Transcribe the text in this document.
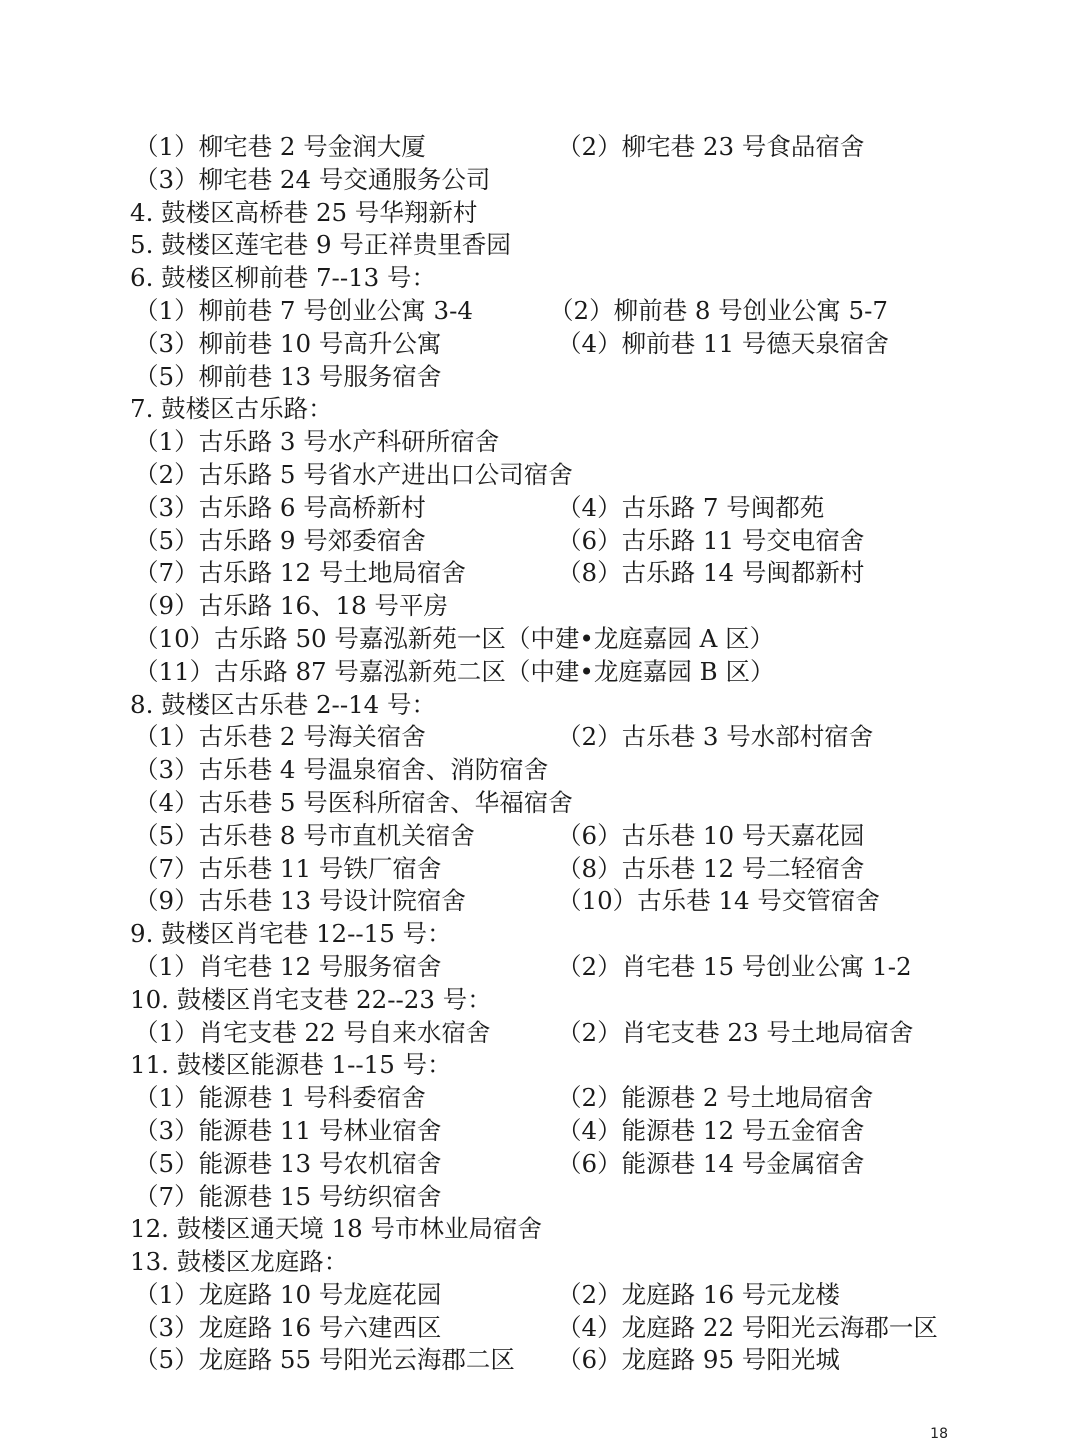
（1）柳宅巷 2 号金润大厦	（2）柳宅巷 23 号食品宿舍
（3）柳宅巷 24 号交通服务公司
4. 鼓楼区高桥巷 25 号华翔新村
5. 鼓楼区莲宅巷 9 号正祥贵里香园
6. 鼓楼区柳前巷 7--13 号：
（1）柳前巷 7 号创业公寓 3-4	（2）柳前巷 8 号创业公寓 5-7
（3）柳前巷 10 号高升公寓	（4）柳前巷 11 号德天泉宿舍
（5）柳前巷 13 号服务宿舍
7. 鼓楼区古乐路：
（1）古乐路 3 号水产科研所宿舍
（2）古乐路 5 号省水产进出口公司宿舍
（3）古乐路 6 号高桥新村	（4）古乐路 7 号闽都苑
（5）古乐路 9 号郊委宿舍	（6）古乐路 11 号交电宿舍
（7）古乐路 12 号土地局宿舍	（8）古乐路 14 号闽都新村
（9）古乐路 16、18 号平房
（10）古乐路 50 号嘉泓新苑一区（中建•龙庭嘉园 A 区）
（11）古乐路 87 号嘉泓新苑二区（中建•龙庭嘉园 B 区）
8. 鼓楼区古乐巷 2--14 号：
（1）古乐巷 2 号海关宿舍	（2）古乐巷 3 号水部村宿舍
（3）古乐巷 4 号温泉宿舍、消防宿舍
（4）古乐巷 5 号医科所宿舍、华福宿舍
（5）古乐巷 8 号市直机关宿舍	（6）古乐巷 10 号天嘉花园
（7）古乐巷 11 号铁厂宿舍	（8）古乐巷 12 号二轻宿舍
（9）古乐巷 13 号设计院宿舍	（10）古乐巷 14 号交管宿舍
9. 鼓楼区肖宅巷 12--15 号：
（1）肖宅巷 12 号服务宿舍	（2）肖宅巷 15 号创业公寓 1-2
10. 鼓楼区肖宅支巷 22--23 号：
（1）肖宅支巷 22 号自来水宿舍	（2）肖宅支巷 23 号土地局宿舍
11. 鼓楼区能源巷 1--15 号：
（1）能源巷 1 号科委宿舍	（2）能源巷 2 号土地局宿舍
（3）能源巷 11 号林业宿舍	（4）能源巷 12 号五金宿舍
（5）能源巷 13 号农机宿舍	（6）能源巷 14 号金属宿舍
（7）能源巷 15 号纺织宿舍
12. 鼓楼区通天境 18 号市林业局宿舍
13. 鼓楼区龙庭路：
（1）龙庭路 10 号龙庭花园	（2）龙庭路 16 号元龙楼
（3）龙庭路 16 号六建西区	（4）龙庭路 22 号阳光云海郡一区
（5）龙庭路 55 号阳光云海郡二区 （6）龙庭路 95 号阳光城
18
